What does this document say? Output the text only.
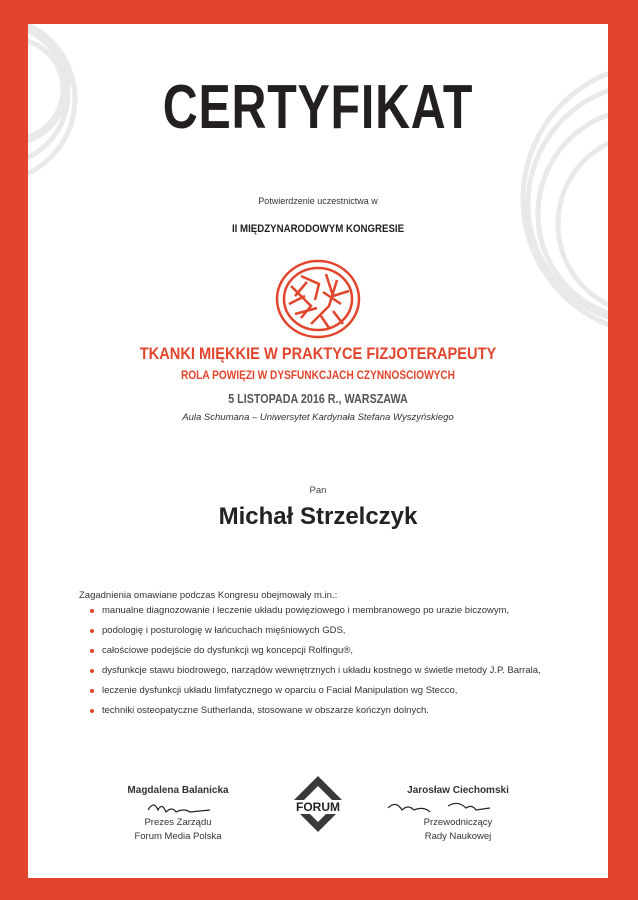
CERTYFIKAT
Potwierdzenie uczestnictwa w
II MIĘDZYNARODOWYM KONGRESIE
TKANKI MIĘKKIE W PRAKTYCE FIZJOTERAPEUTY
ROLA POWIĘZI W DYSFUNKCJACH CZYNNOŚCIOWYCH
5 LISTOPADA 2016 R., WARSZAWA
Aula Schumana – Uniwersytet Kardynała Stefana Wyszyńskiego
Pan
Michał Strzelczyk
Zagadnienia omawiane podczas Kongresu obejmowały m.in.:
manualne diagnozowanie i leczenie układu powięziowego i membranowego po urazie biczowym,
podologię i posturologię w łańcuchach mięśniowych GDS,
całościowe podejście do dysfunkcji wg koncepcji Rolfingu®,
dysfunkcje stawu biodrowego, narządów wewnętrznych i układu kostnego w świetle metody J.P. Barrala,
leczenie dysfunkcji układu limfatycznego w oparciu o Facial Manipulation wg Stecco,
techniki osteopatyczne Sutherlanda, stosowane w obszarze kończyn dolnych.
Magdalena Balanicka
Prezes Zarządu
Forum Media Polska
FORUM
Jarosław Ciechomski
Przewodniczący
Rady Naukowej
